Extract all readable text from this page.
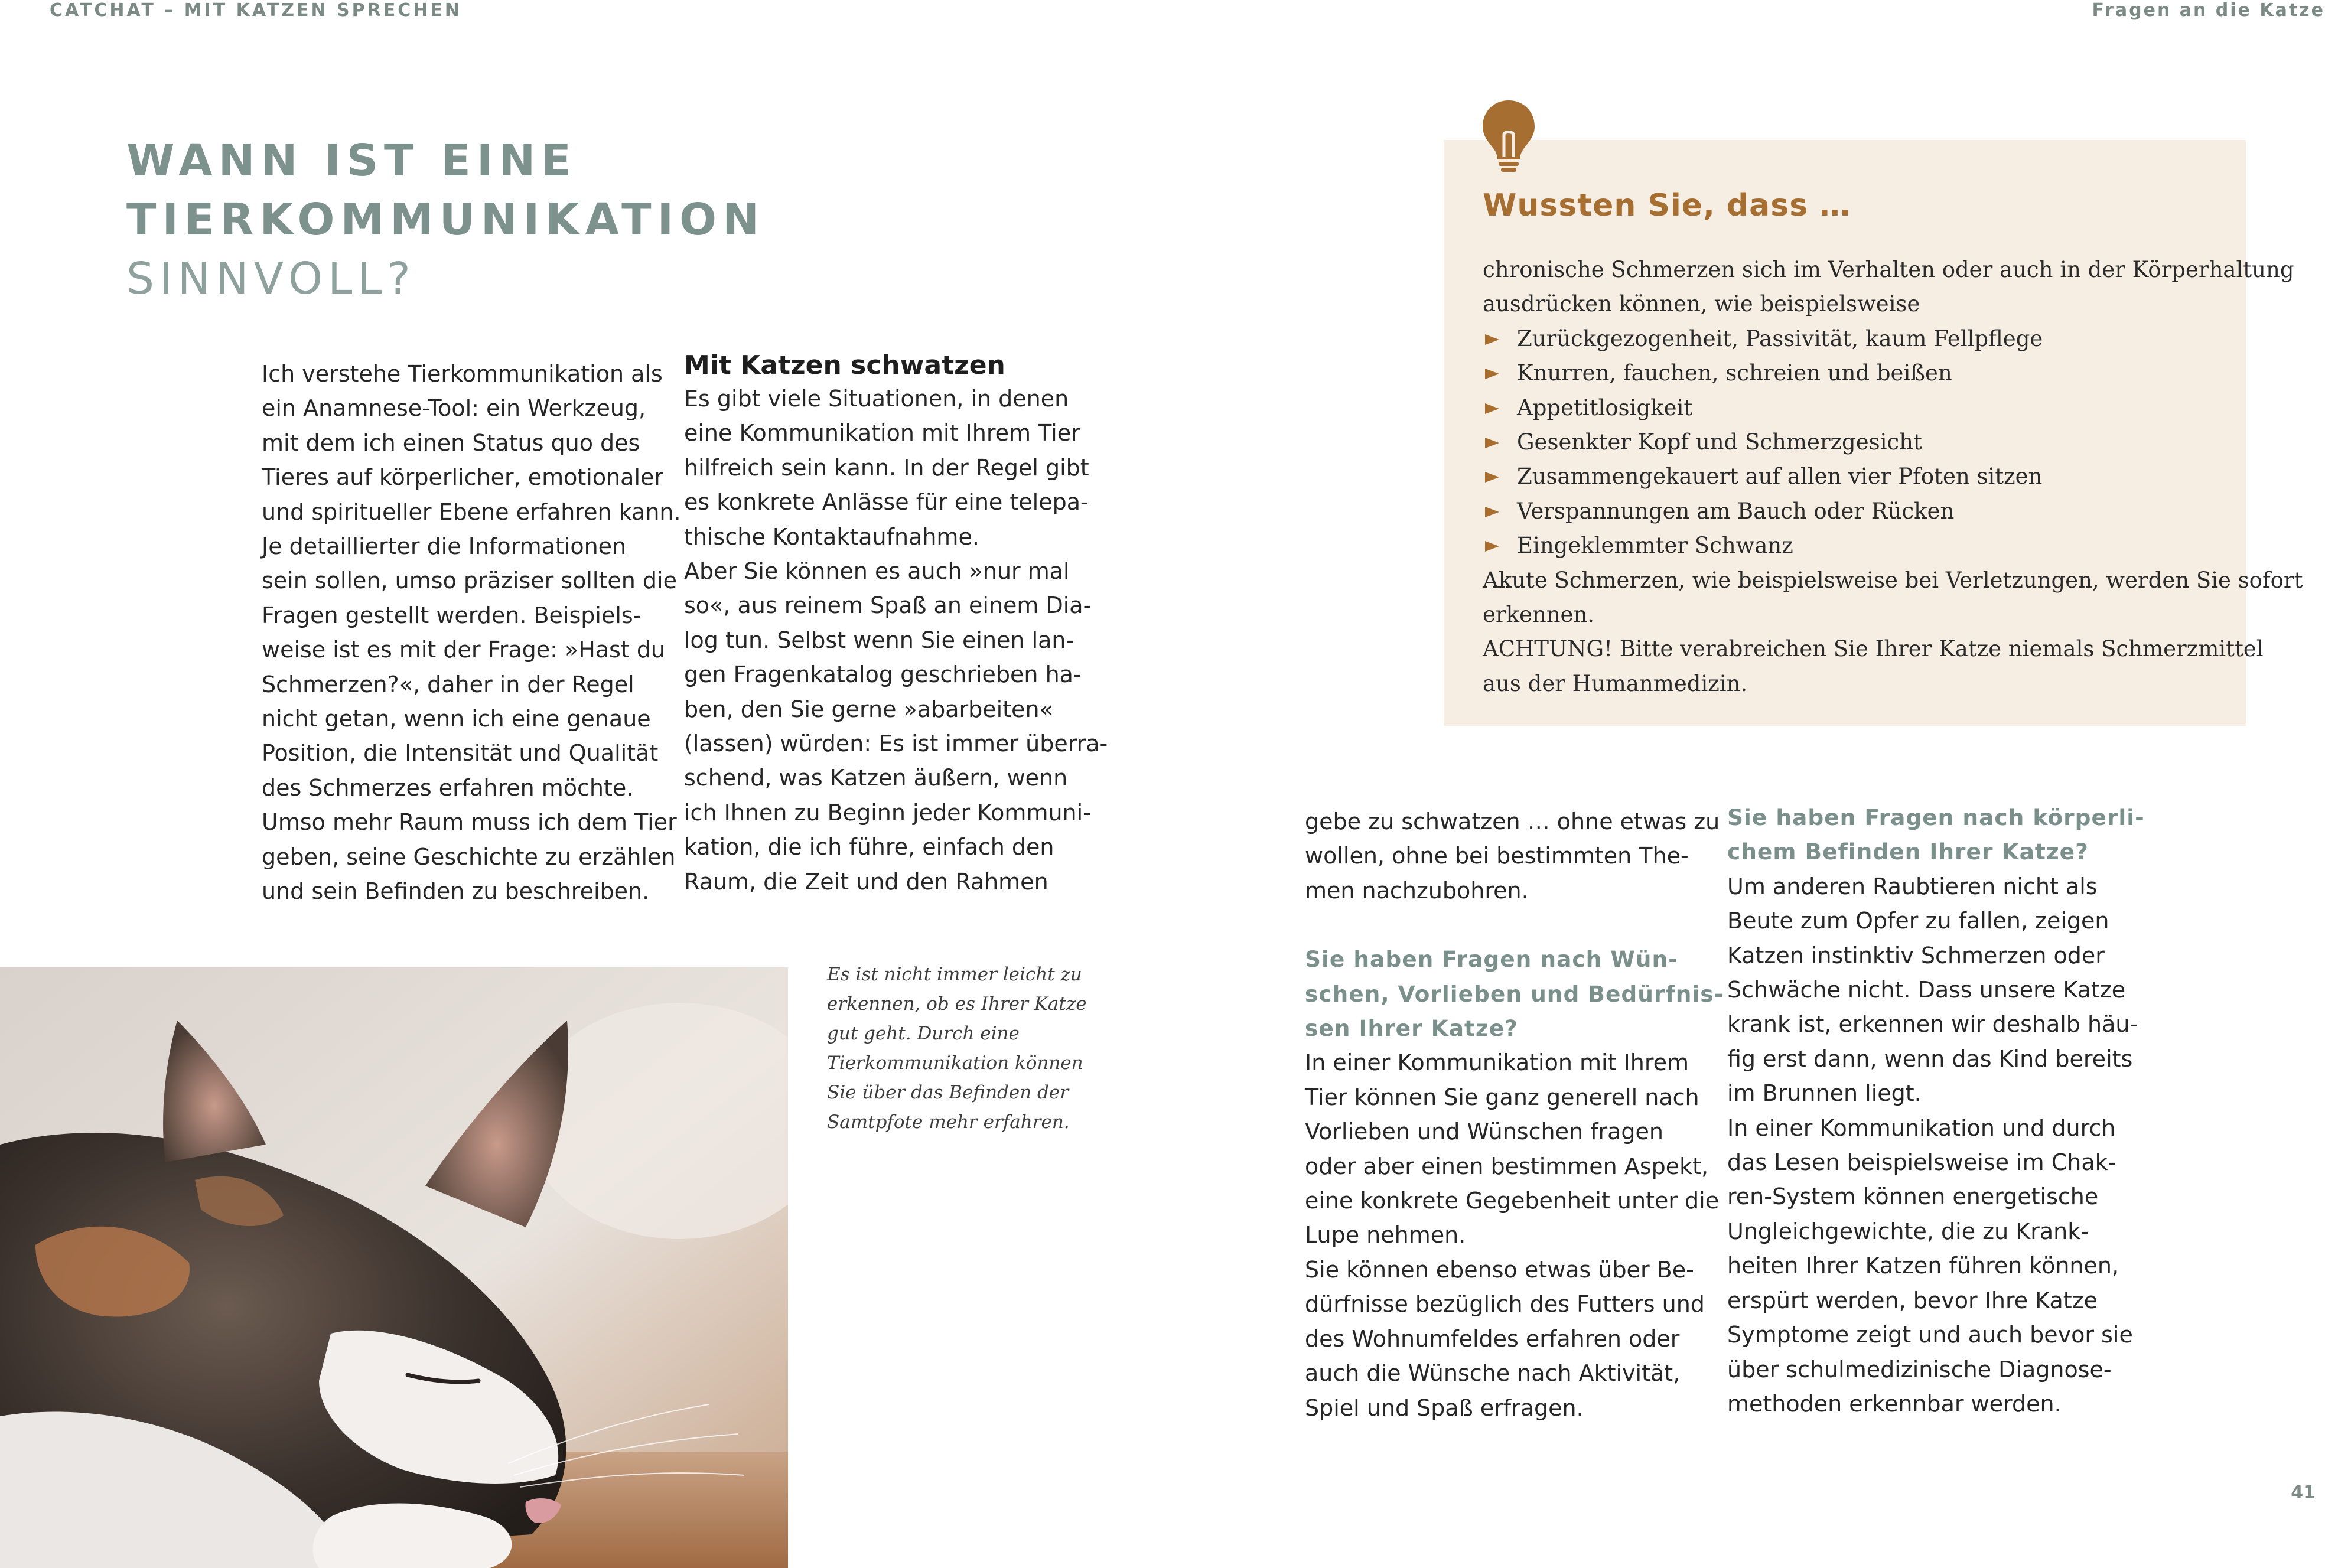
CATCHAT – MIT KATZEN SPRECHEN	Fragen an die Katze
WANN IST EINE
TIERKOMMUNIKATION
SINNVOLL?

Ich verstehe Tierkommunikation als

ein Anamnese-Tool: ein Werkzeug,

mit dem ich einen Status quo des

Tieres auf körperlicher, emotionaler

und spiritueller Ebene erfahren kann.

Je detaillierter die Informationen

sein sollen, umso präziser sollten die

Fragen gestellt werden. Beispiels-

weise ist es mit der Frage: »Hast du

Schmerzen?«, daher in der Regel

nicht getan, wenn ich eine genaue

Position, die Intensität und Qualität

des Schmerzes erfahren möchte.

Umso mehr Raum muss ich dem Tier

geben, seine Geschichte zu erzählen

und sein Befinden zu beschreiben.

Mit Katzen schwatzen

Es gibt viele Situationen, in denen

eine Kommunikation mit Ihrem Tier

hilfreich sein kann. In der Regel gibt

es konkrete Anlässe für eine telepa-

thische Kontaktaufnahme.

Aber Sie können es auch »nur mal

so«, aus reinem Spaß an einem Dia-

log tun. Selbst wenn Sie einen lan-

gen Fragenkatalog geschrieben ha-

ben, den Sie gerne »abarbeiten«

(lassen) würden: Es ist immer überra-

schend, was Katzen äußern, wenn

ich Ihnen zu Beginn jeder Kommuni-

kation, die ich führe, einfach den

Raum, die Zeit und den Rahmen

Es ist nicht immer leicht zu

erkennen, ob es Ihrer Katze

gut geht. Durch eine

Tierkommunikation können

Sie über das Befinden der

Samtpfote mehr erfahren.

Wussten Sie, dass …

chronische Schmerzen sich im Verhalten oder auch in der Körperhaltung

ausdrücken können, wie beispielsweise

Zurückgezogenheit, Passivität, kaum Fellpflege
Knurren, fauchen, schreien und beißen
Appetitlosigkeit
Gesenkter Kopf und Schmerzgesicht
Zusammengekauert auf allen vier Pfoten sitzen
Verspannungen am Bauch oder Rücken
Eingeklemmter Schwanz

Akute Schmerzen, wie beispielsweise bei Verletzungen, werden Sie sofort

erkennen.

ACHTUNG! Bitte verabreichen Sie Ihrer Katze niemals Schmerzmittel

aus der Humanmedizin.

gebe zu schwatzen … ohne etwas zu

wollen, ohne bei bestimmten The-

men nachzubohren.

Sie haben Fragen nach Wün-

schen, Vorlieben und Bedürfnis-

sen Ihrer Katze?

In einer Kommunikation mit Ihrem

Tier können Sie ganz generell nach

Vorlieben und Wünschen fragen

oder aber einen bestimmen Aspekt,

eine konkrete Gegebenheit unter die

Lupe nehmen.

Sie können ebenso etwas über Be-

dürfnisse bezüglich des Futters und

des Wohnumfeldes erfahren oder

auch die Wünsche nach Aktivität,

Spiel und Spaß erfragen.

Sie haben Fragen nach körperli-

chem Befinden Ihrer Katze?

Um anderen Raubtieren nicht als

Beute zum Opfer zu fallen, zeigen

Katzen instinktiv Schmerzen oder

Schwäche nicht. Dass unsere Katze

krank ist, erkennen wir deshalb häu-

fig erst dann, wenn das Kind bereits

im Brunnen liegt.

In einer Kommunikation und durch

das Lesen beispielsweise im Chak-

ren-System können energetische

Ungleichgewichte, die zu Krank-

heiten Ihrer Katzen führen können,

erspürt werden, bevor Ihre Katze

Symptome zeigt und auch bevor sie

über schulmedizinische Diagnose-

methoden erkennbar werden.

41
